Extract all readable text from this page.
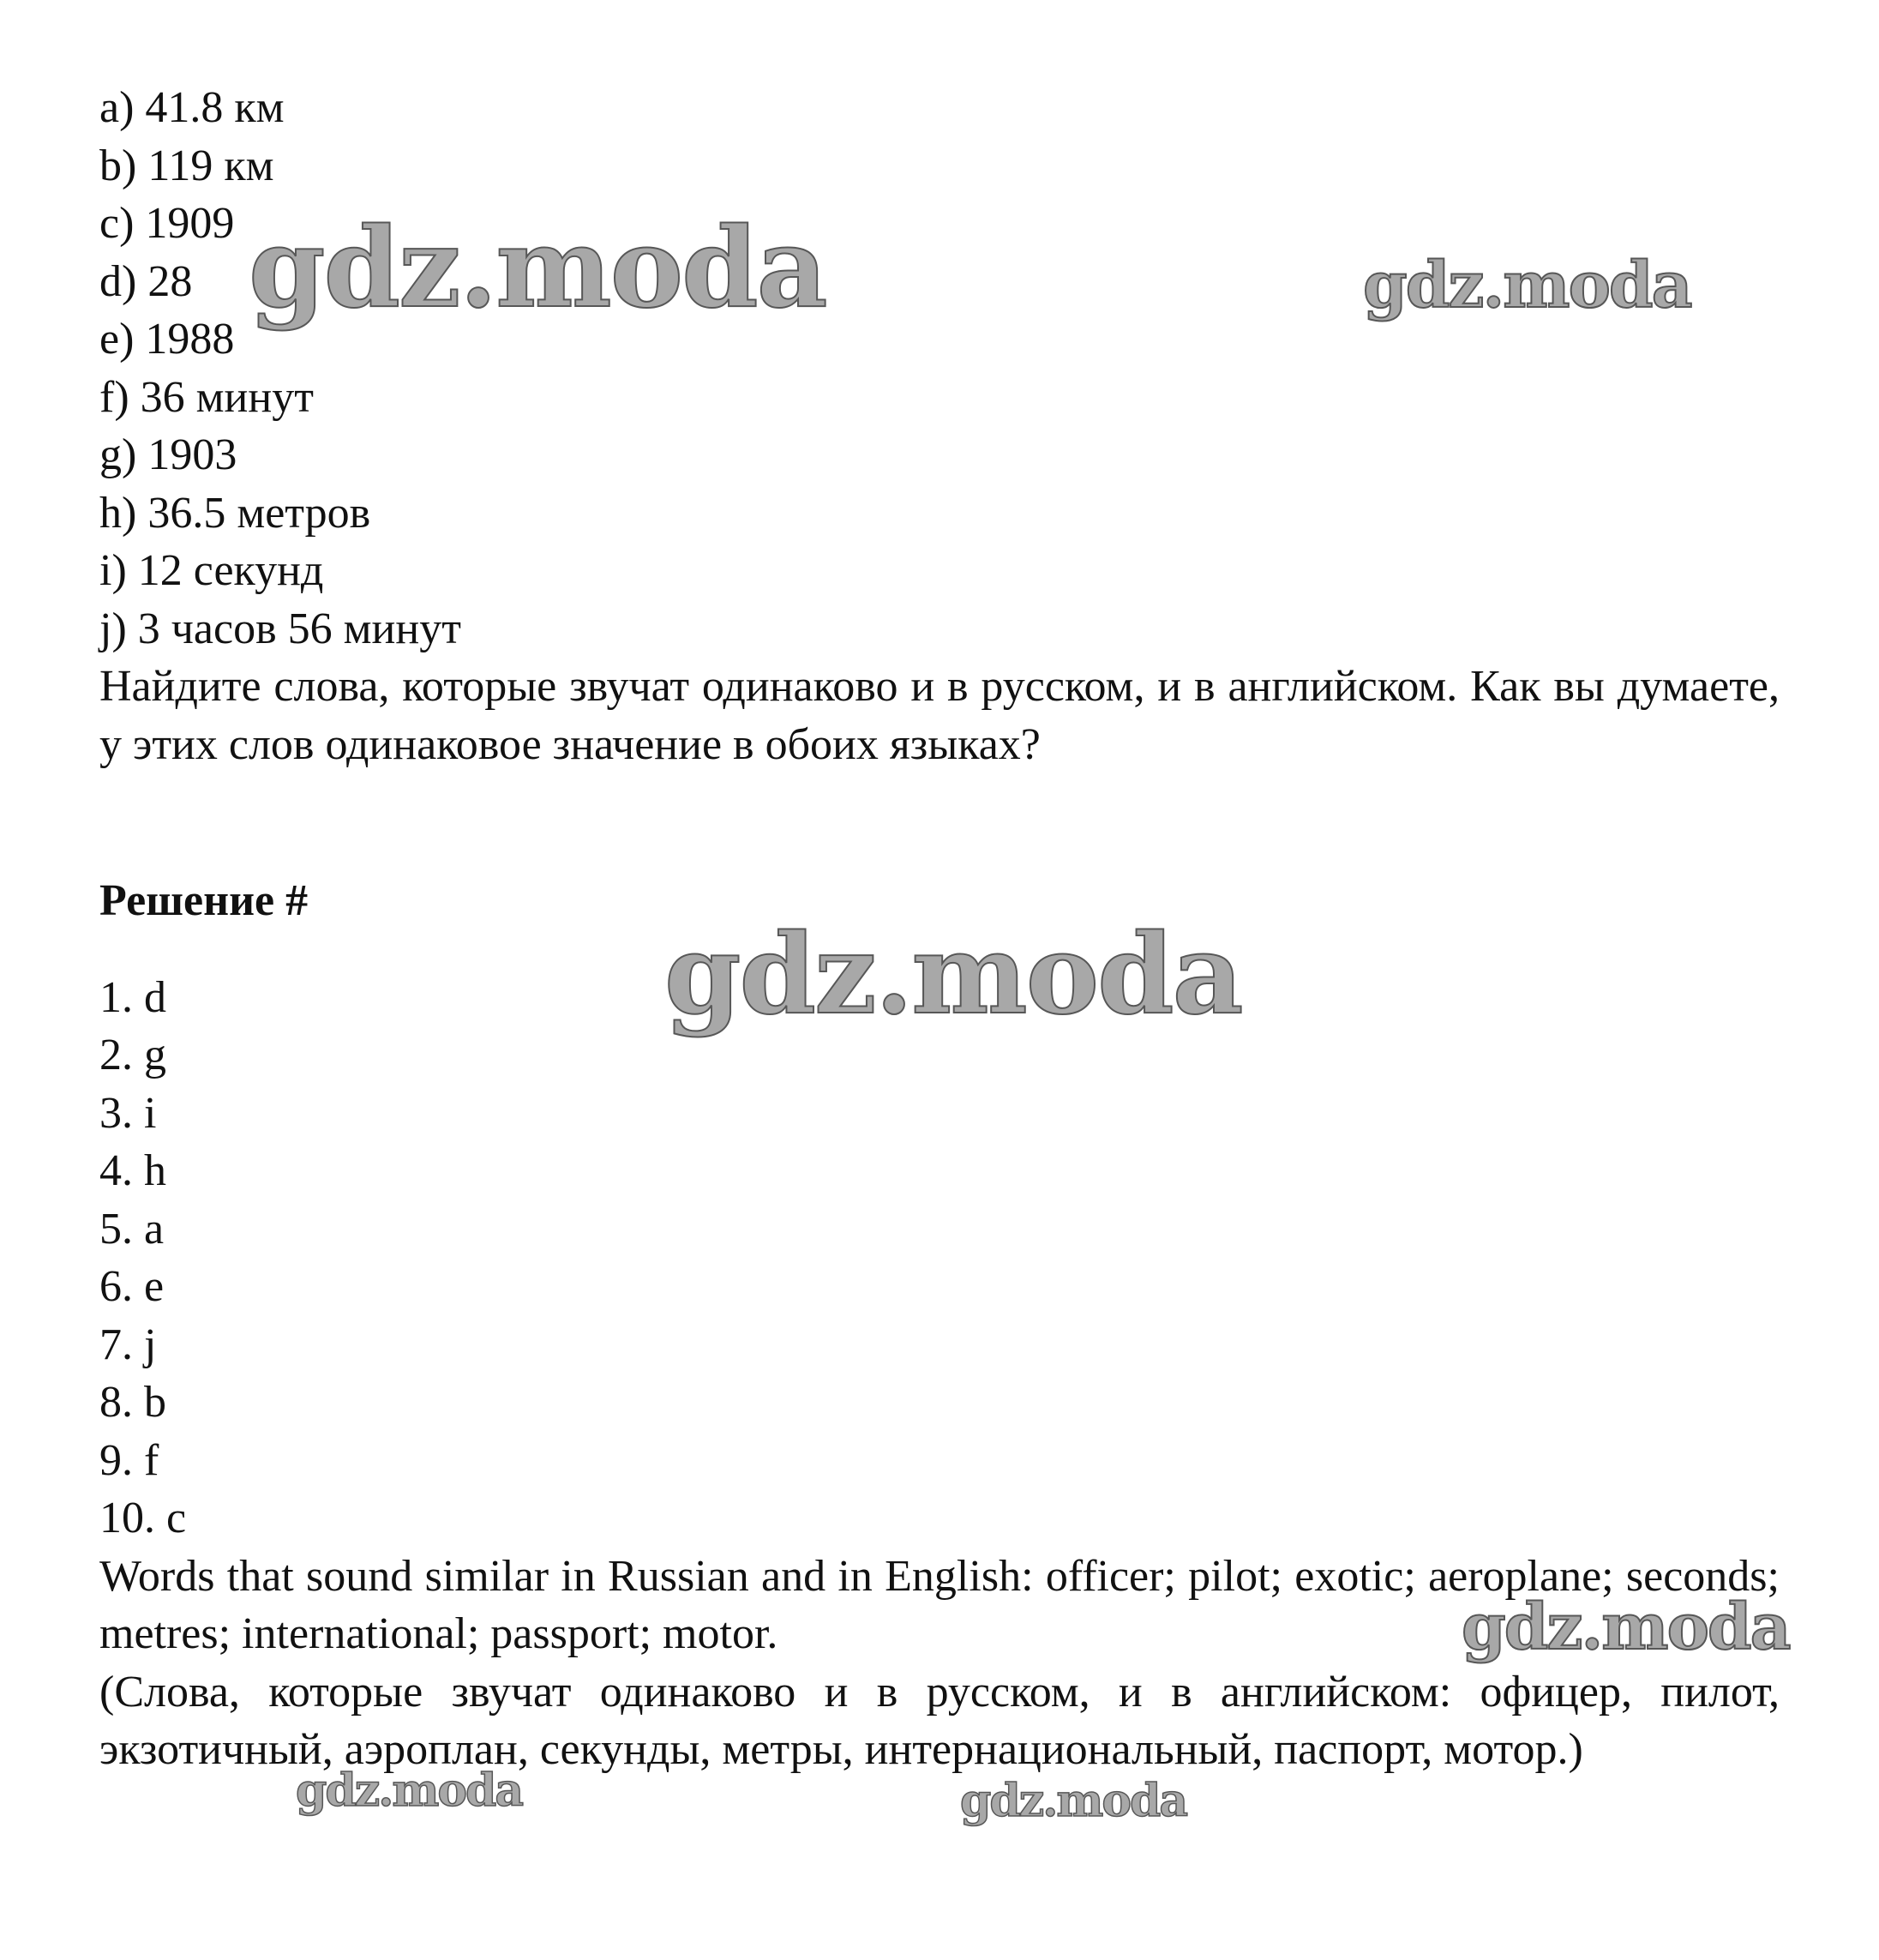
a) 41.8 км
b) 119 км
c) 1909
d) 28
e) 1988
f) 36 минут
g) 1903
h) 36.5 метров
i) 12 секунд
j) 3 часов 56 минут
Найдите слова, которые звучат одинаково и в русском, и в английском. Как вы думаете, у этих слов одинаковое значение в обоих языках?
Решение #
1. d
2. g
3. i
4. h
5. a
6. e
7. j
8. b
9. f
10. c
Words that sound similar in Russian and in English: officer; pilot; exotic; aeroplane; seconds; metres; international; passport; motor.
(Слова, которые звучат одинаково и в русском, и в английском: офицер, пилот, экзотичный, аэроплан, секунды, метры, интернациональный, паспорт, мотор.)
gdz.moda	gdz.moda
gdz.moda
gdz.moda
gdz.moda	gdz.moda
